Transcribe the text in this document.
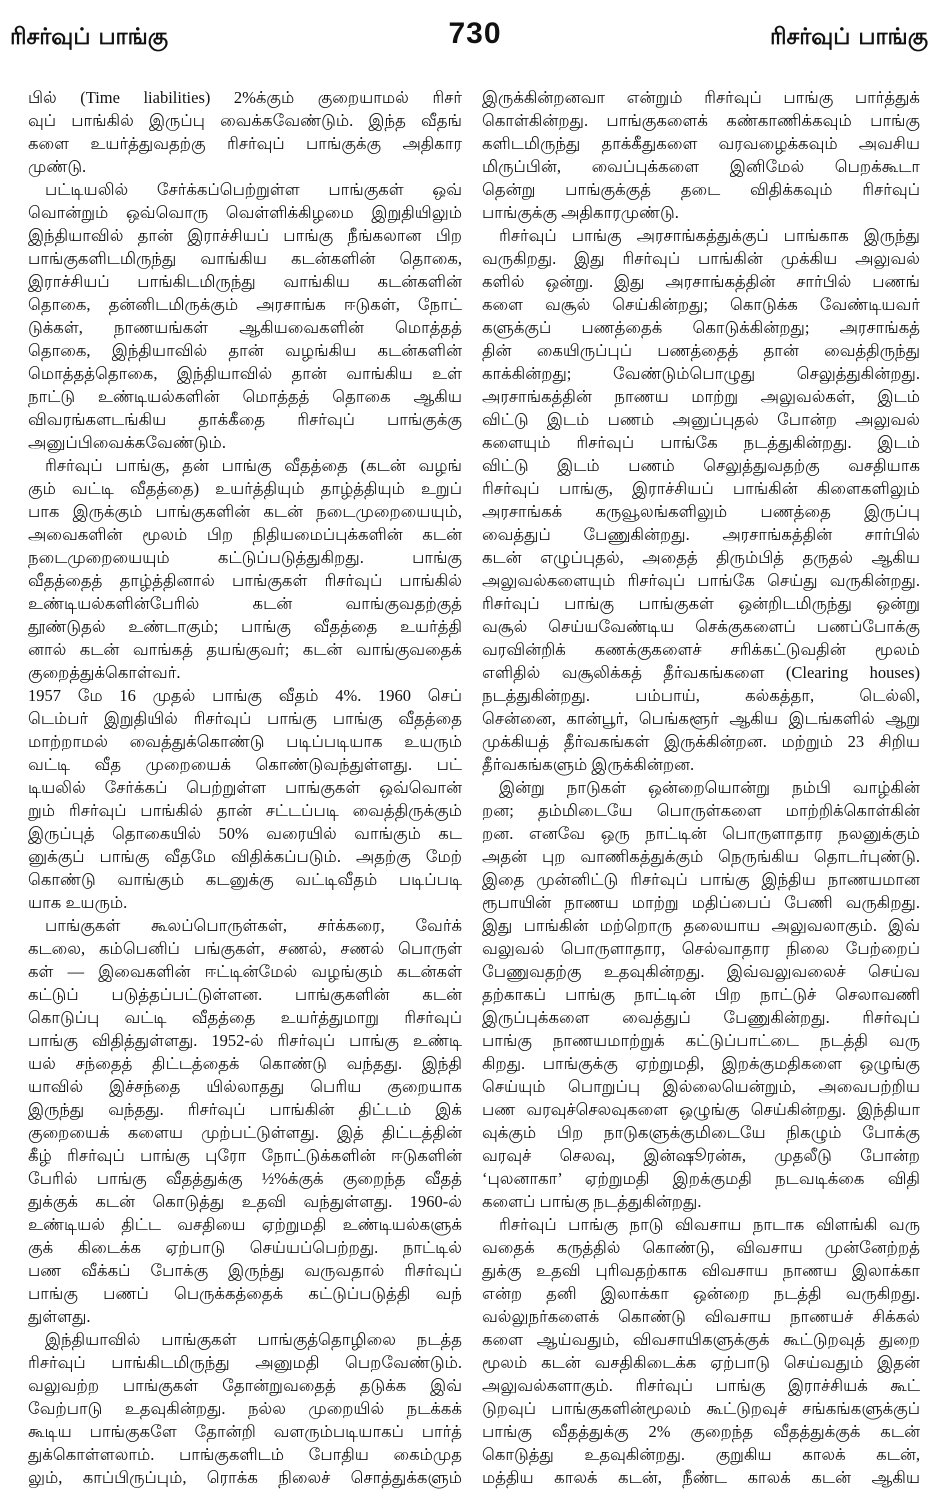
ரிசர்வுப் பாங்கு	730	ரிசர்வுப் பாங்கு
பில் (Time liabilities) 2%க்கும் குறையாமல் ரிசர்
வுப் பாங்கில் இருப்பு வைக்கவேண்டும். இந்த வீதங்
களை உயர்த்துவதற்கு ரிசர்வுப் பாங்குக்கு அதிகார
முண்டு.
பட்டியலில் சேர்க்கப்பெற்றுள்ள பாங்குகள் ஒவ்
வொன்றும் ஒவ்வொரு வெள்ளிக்கிழமை இறுதியிலும்
இந்தியாவில் தான் இராச்சியப் பாங்கு நீங்கலான பிற
பாங்குகளிடமிருந்து வாங்கிய கடன்களின் தொகை,
இராச்சியப் பாங்கிடமிருந்து வாங்கிய கடன்களின்
தொகை, தன்னிடமிருக்கும் அரசாங்க ஈடுகள், நோட்
டுக்கள், நாணயங்கள் ஆகியவைகளின் மொத்தத்
தொகை, இந்தியாவில் தான் வழங்கிய கடன்களின்
மொத்தத்தொகை, இந்தியாவில் தான் வாங்கிய உள்
நாட்டு உண்டியல்களின் மொத்தத் தொகை ஆகிய
விவரங்களடங்கிய தாக்கீதை ரிசர்வுப் பாங்குக்கு
அனுப்பிவைக்கவேண்டும்.
ரிசர்வுப் பாங்கு, தன் பாங்கு வீதத்தை (கடன் வழங்
கும் வட்டி வீதத்தை) உயர்த்தியும் தாழ்த்தியும் உறுப்
பாக இருக்கும் பாங்குகளின் கடன் நடைமுறையையும்,
அவைகளின் மூலம் பிற நிதியமைப்புக்களின் கடன்
நடைமுறையையும் கட்டுப்படுத்துகிறது. பாங்கு
வீதத்தைத் தாழ்த்தினால் பாங்குகள் ரிசர்வுப் பாங்கில்
உண்டியல்களின்பேரில் கடன் வாங்குவதற்குத்
தூண்டுதல் உண்டாகும்; பாங்கு வீதத்தை உயர்த்தி
னால் கடன் வாங்கத் தயங்குவர்; கடன் வாங்குவதைக்
குறைத்துக்கொள்வர்.
1957 மே 16 முதல் பாங்கு வீதம் 4%. 1960 செப்
டெம்பர் இறுதியில் ரிசர்வுப் பாங்கு பாங்கு வீதத்தை
மாற்றாமல் வைத்துக்கொண்டு படிப்படியாக உயரும்
வட்டி வீத முறையைக் கொண்டுவந்துள்ளது. பட்
டியலில் சேர்க்கப் பெற்றுள்ள பாங்குகள் ஒவ்வொன்
றும் ரிசர்வுப் பாங்கில் தான் சட்டப்படி வைத்திருக்கும்
இருப்புத் தொகையில் 50% வரையில் வாங்கும் கட
னுக்குப் பாங்கு வீதமே விதிக்கப்படும். அதற்கு மேற்
கொண்டு வாங்கும் கடனுக்கு வட்டிவீதம் படிப்படி
யாக உயரும்.
பாங்குகள் கூலப்பொருள்கள், சர்க்கரை, வேர்க்
கடலை, கம்பெனிப் பங்குகள், சணல், சணல் பொருள்
கள் — இவைகளின் ஈட்டின்மேல் வழங்கும் கடன்கள்
கட்டுப் படுத்தப்பட்டுள்ளன. பாங்குகளின் கடன்
கொடுப்பு வட்டி வீதத்தை உயர்த்துமாறு ரிசர்வுப்
பாங்கு விதித்துள்ளது. 1952-ல் ரிசர்வுப் பாங்கு உண்டி
யல் சந்தைத் திட்டத்தைக் கொண்டு வந்தது. இந்தி
யாவில் இச்சந்தை யில்லாதது பெரிய குறையாக
இருந்து வந்தது. ரிசர்வுப் பாங்கின் திட்டம் இக்
குறையைக் களைய முற்பட்டுள்ளது. இத் திட்டத்தின்
கீழ் ரிசர்வுப் பாங்கு புரோ நோட்டுக்களின் ஈடுகளின்
பேரில் பாங்கு வீதத்துக்கு ½%க்குக் குறைந்த வீதத்
துக்குக் கடன் கொடுத்து உதவி வந்துள்ளது. 1960-ல்
உண்டியல் திட்ட வசதியை ஏற்றுமதி உண்டியல்களுக்
குக் கிடைக்க ஏற்பாடு செய்யப்பெற்றது. நாட்டில்
பண வீக்கப் போக்கு இருந்து வருவதால் ரிசர்வுப்
பாங்கு பணப் பெருக்கத்தைக் கட்டுப்படுத்தி வந்
துள்ளது.
இந்தியாவில் பாங்குகள் பாங்குத்தொழிலை நடத்த
ரிசர்வுப் பாங்கிடமிருந்து அனுமதி பெறவேண்டும்.
வலுவற்ற பாங்குகள் தோன்றுவதைத் தடுக்க இவ்
வேற்பாடு உதவுகின்றது. நல்ல முறையில் நடக்கக்
கூடிய பாங்குகளே தோன்றி வளரும்படியாகப் பார்த்
துக்கொள்ளலாம். பாங்குகளிடம் போதிய கைம்முத
லும், காப்பிருப்பும், ரொக்க நிலைச் சொத்துக்களும்
இருக்கின்றனவா என்றும் ரிசர்வுப் பாங்கு பார்த்துக்
கொள்கின்றது. பாங்குகளைக் கண்காணிக்கவும் பாங்கு
களிடமிருந்து தாக்கீதுகளை வரவழைக்கவும் அவசிய
மிருப்பின், வைப்புக்களை இனிமேல் பெறக்கூடா
தென்று பாங்குக்குத் தடை விதிக்கவும் ரிசர்வுப்
பாங்குக்கு அதிகாரமுண்டு.
ரிசர்வுப் பாங்கு அரசாங்கத்துக்குப் பாங்காக இருந்து
வருகிறது. இது ரிசர்வுப் பாங்கின் முக்கிய அலுவல்
களில் ஒன்று. இது அரசாங்கத்தின் சார்பில் பணங்
களை வசூல் செய்கின்றது; கொடுக்க வேண்டியவர்
களுக்குப் பணத்தைக் கொடுக்கின்றது; அரசாங்கத்
தின் கையிருப்புப் பணத்தைத் தான் வைத்திருந்து
காக்கின்றது; வேண்டும்பொழுது செலுத்துகின்றது.
அரசாங்கத்தின் நாணய மாற்று அலுவல்கள், இடம்
விட்டு இடம் பணம் அனுப்புதல் போன்ற அலுவல்
களையும் ரிசர்வுப் பாங்கே நடத்துகின்றது. இடம்
விட்டு இடம் பணம் செலுத்துவதற்கு வசதியாக
ரிசர்வுப் பாங்கு, இராச்சியப் பாங்கின் கிளைகளிலும்
அரசாங்கக் கருவூலங்களிலும் பணத்தை இருப்பு
வைத்துப் பேணுகின்றது. அரசாங்கத்தின் சார்பில்
கடன் எழுப்புதல், அதைத் திரும்பித் தருதல் ஆகிய
அலுவல்களையும் ரிசர்வுப் பாங்கே செய்து வருகின்றது.
ரிசர்வுப் பாங்கு பாங்குகள் ஒன்றிடமிருந்து ஒன்று
வசூல் செய்யவேண்டிய செக்குகளைப் பணப்போக்கு
வரவின்றிக் கணக்குகளைச் சரிக்கட்டுவதின் மூலம்
எளிதில் வசூலிக்கத் தீர்வகங்களை (Clearing houses)
நடத்துகின்றது. பம்பாய், கல்கத்தா, டெல்லி,
சென்னை, கான்பூர், பெங்களூர் ஆகிய இடங்களில் ஆறு
முக்கியத் தீர்வகங்கள் இருக்கின்றன. மற்றும் 23 சிறிய
தீர்வகங்களும் இருக்கின்றன.
இன்று நாடுகள் ஒன்றையொன்று நம்பி வாழ்கின்
றன; தம்மிடையே பொருள்களை மாற்றிக்கொள்கின்
றன. எனவே ஒரு நாட்டின் பொருளாதார நலனுக்கும்
அதன் புற வாணிகத்துக்கும் நெருங்கிய தொடர்புண்டு.
இதை முன்னிட்டு ரிசர்வுப் பாங்கு இந்திய நாணயமான
ரூபாயின் நாணய மாற்று மதிப்பைப் பேணி வருகிறது.
இது பாங்கின் மற்றொரு தலையாய அலுவலாகும். இவ்
வலுவல் பொருளாதார, செல்வாதார நிலை பேற்றைப்
பேணுவதற்கு உதவுகின்றது. இவ்வலுவலைச் செய்வ
தற்காகப் பாங்கு நாட்டின் பிற நாட்டுச் செலாவணி
இருப்புக்களை வைத்துப் பேணுகின்றது. ரிசர்வுப்
பாங்கு நாணயமாற்றுக் கட்டுப்பாட்டை நடத்தி வரு
கிறது. பாங்குக்கு ஏற்றுமதி, இறக்குமதிகளை ஒழுங்கு
செய்யும் பொறுப்பு இல்லையென்றும், அவைபற்றிய
பண வரவுச்செலவுகளை ஒழுங்கு செய்கின்றது. இந்தியா
வுக்கும் பிற நாடுகளுக்குமிடையே நிகழும் போக்கு
வரவுச் செலவு, இன்ஷூரன்சு, முதலீடு போன்ற
‘புலனாகா’ ஏற்றுமதி இறக்குமதி நடவடிக்கை விதி
களைப் பாங்கு நடத்துகின்றது.
ரிசர்வுப் பாங்கு நாடு விவசாய நாடாக விளங்கி வரு
வதைக் கருத்தில் கொண்டு, விவசாய முன்னேற்றத்
துக்கு உதவி புரிவதற்காக விவசாய நாணய இலாக்கா
என்ற தனி இலாக்கா ஒன்றை நடத்தி வருகிறது.
வல்லுநர்களைக் கொண்டு விவசாய நாணயச் சிக்கல்
களை ஆய்வதும், விவசாயிகளுக்குக் கூட்டுறவுத் துறை
மூலம் கடன் வசதிகிடைக்க ஏற்பாடு செய்வதும் இதன்
அலுவல்களாகும். ரிசர்வுப் பாங்கு இராச்சியக் கூட்
டுறவுப் பாங்குகளின்மூலம் கூட்டுறவுச் சங்கங்களுக்குப்
பாங்கு வீதத்துக்கு 2% குறைந்த வீதத்துக்குக் கடன்
கொடுத்து உதவுகின்றது. குறுகிய காலக் கடன்,
மத்திய காலக் கடன், நீண்ட காலக் கடன் ஆகிய
